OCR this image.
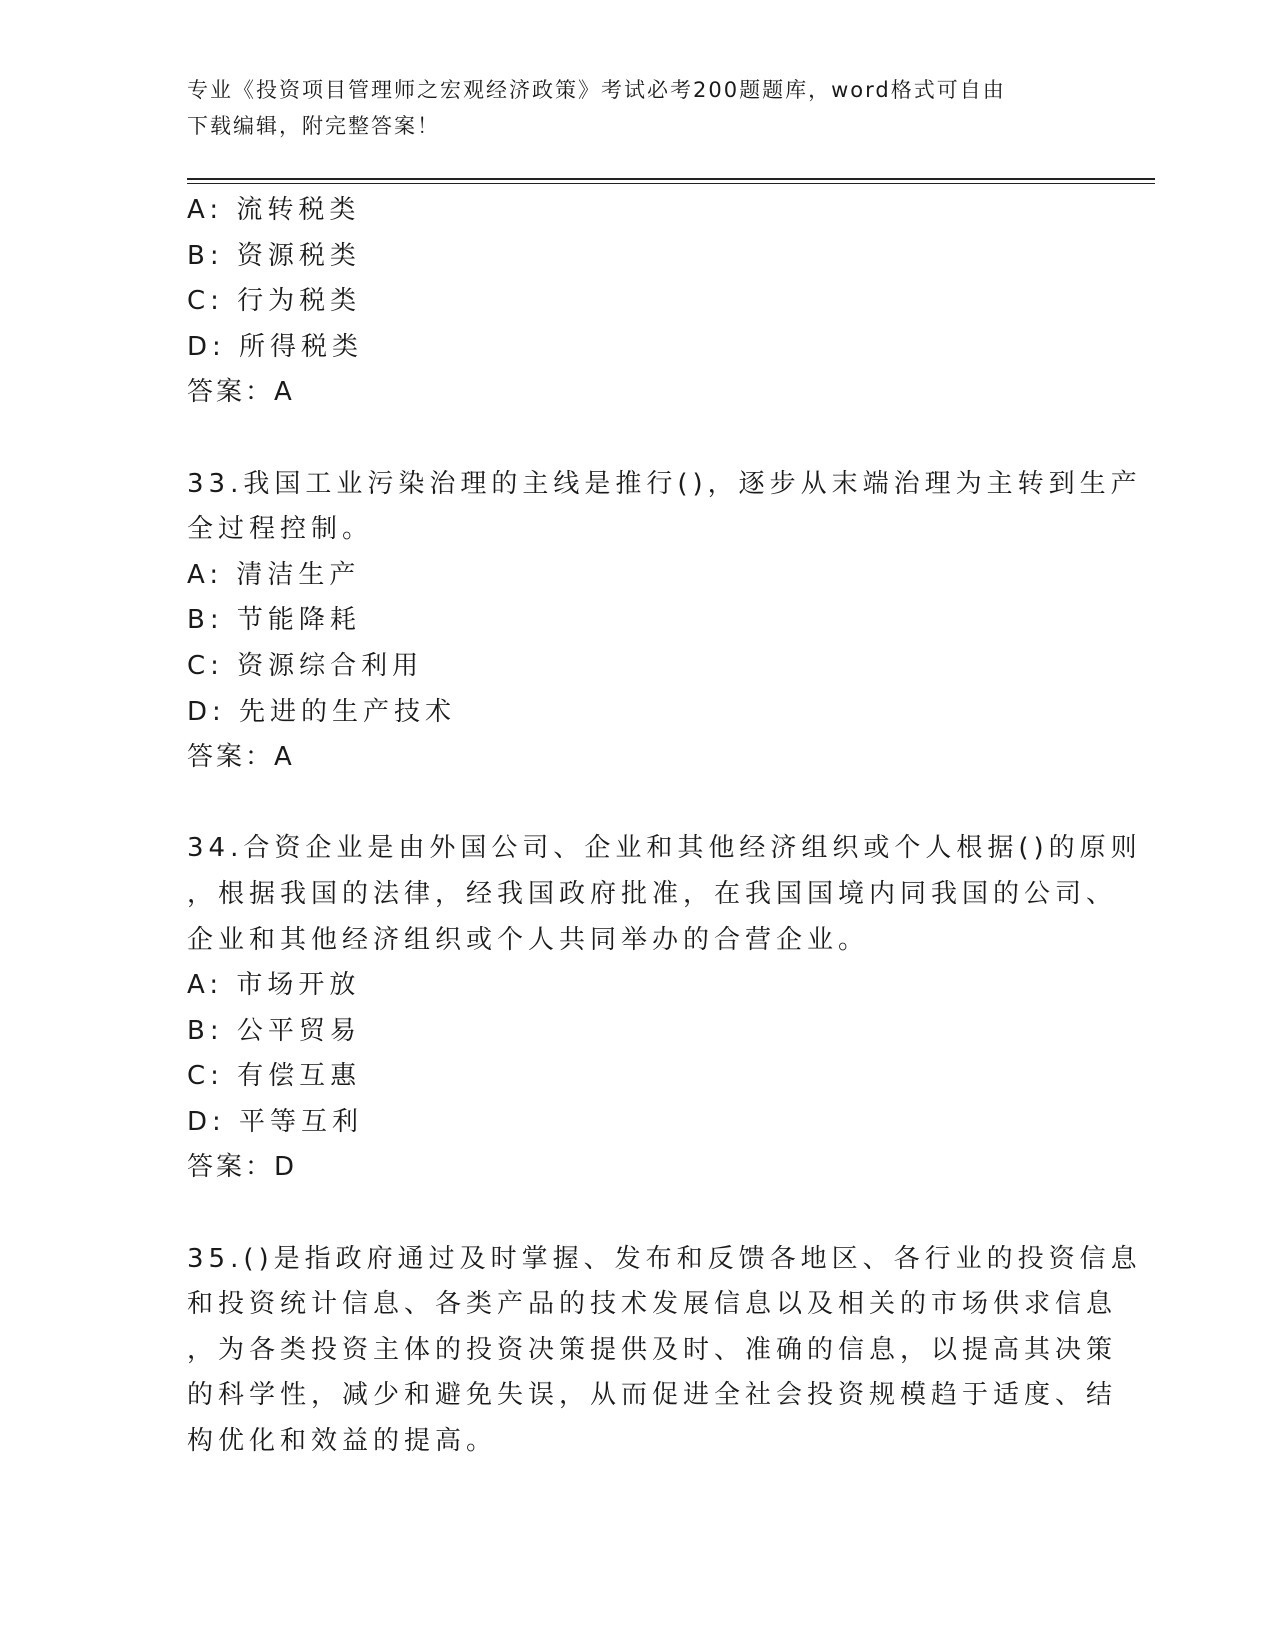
专业《投资项目管理师之宏观经济政策》考试必考200题题库，word格式可自由
下载编辑，附完整答案！
A: 流转税类
B: 资源税类
C: 行为税类
D: 所得税类
答案：A
33.我国工业污染治理的主线是推行()，逐步从末端治理为主转到生产
全过程控制。
A: 清洁生产
B: 节能降耗
C: 资源综合利用
D: 先进的生产技术
答案：A
34.合资企业是由外国公司、企业和其他经济组织或个人根据()的原则
，根据我国的法律，经我国政府批准，在我国国境内同我国的公司、
企业和其他经济组织或个人共同举办的合营企业。
A: 市场开放
B: 公平贸易
C: 有偿互惠
D: 平等互利
答案：D
35.()是指政府通过及时掌握、发布和反馈各地区、各行业的投资信息
和投资统计信息、各类产品的技术发展信息以及相关的市场供求信息
，为各类投资主体的投资决策提供及时、准确的信息，以提高其决策
的科学性，减少和避免失误，从而促进全社会投资规模趋于适度、结
构优化和效益的提高。
